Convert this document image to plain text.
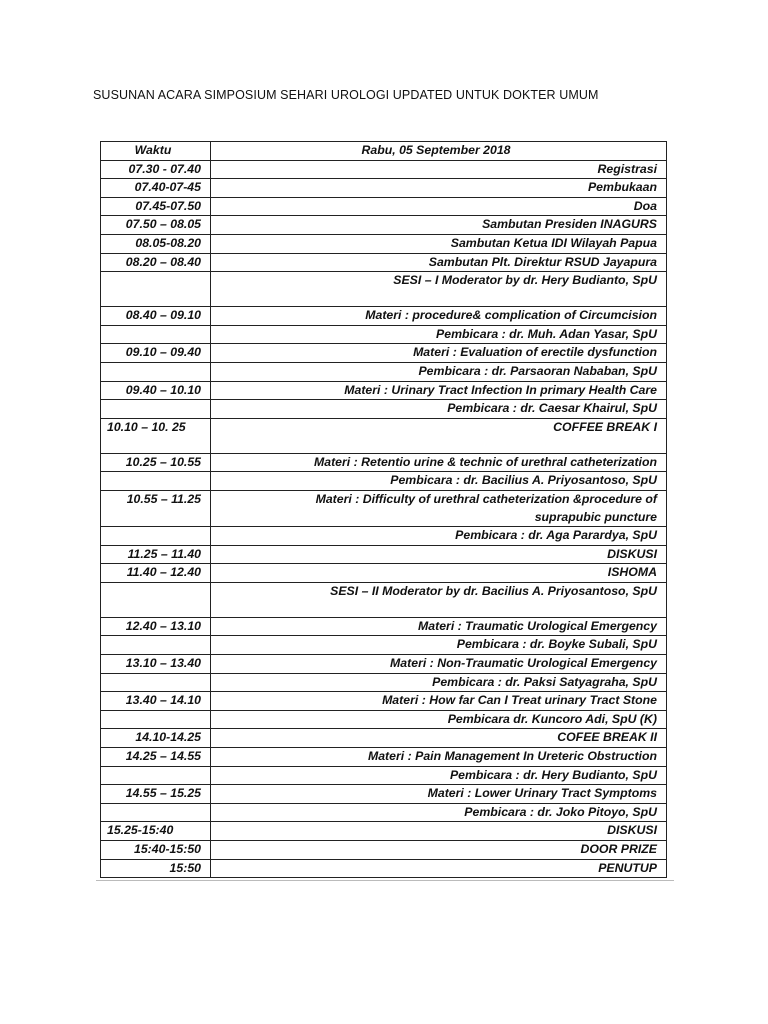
SUSUNAN ACARA SIMPOSIUM SEHARI UROLOGI UPDATED UNTUK DOKTER UMUM
Waktu	Rabu, 05 September 2018
07.30 - 07.40	Registrasi
07.40-07-45	Pembukaan
07.45-07.50	Doa
07.50 – 08.05	Sambutan Presiden INAGURS
08.05-08.20	Sambutan Ketua IDI Wilayah Papua
08.20 – 08.40	Sambutan Plt. Direktur RSUD Jayapura
	SESI – I Moderator by dr. Hery Budianto, SpU
08.40 – 09.10	Materi : procedure& complication of Circumcision
	Pembicara : dr. Muh. Adan Yasar, SpU
09.10 – 09.40	Materi : Evaluation of erectile dysfunction
	Pembicara : dr. Parsaoran Nababan, SpU
09.40 – 10.10	Materi : Urinary Tract Infection In primary Health Care
	Pembicara : dr. Caesar Khairul, SpU
10.10 – 10. 25	COFFEE BREAK I
10.25 – 10.55	Materi : Retentio urine & technic of urethral catheterization
	Pembicara : dr. Bacilius A. Priyosantoso, SpU
10.55 – 11.25	Materi : Difficulty of urethral catheterization &procedure of
suprapubic puncture

	Pembicara : dr. Aga Parardya, SpU
11.25 – 11.40	DISKUSI
11.40 – 12.40	ISHOMA
	SESI – II Moderator by dr. Bacilius A. Priyosantoso, SpU
12.40 – 13.10	Materi : Traumatic Urological Emergency
	Pembicara : dr. Boyke Subali, SpU
13.10 – 13.40	Materi : Non-Traumatic Urological Emergency
	Pembicara : dr. Paksi Satyagraha, SpU
13.40 – 14.10	Materi : How far Can I Treat urinary Tract Stone
	Pembicara dr. Kuncoro Adi, SpU (K)
14.10-14.25	COFEE BREAK II
14.25 – 14.55	Materi : Pain Management In Ureteric Obstruction
	Pembicara : dr. Hery Budianto, SpU
14.55 – 15.25	Materi : Lower Urinary Tract Symptoms
	Pembicara : dr. Joko Pitoyo, SpU
15.25-15:40	DISKUSI
15:40-15:50	DOOR PRIZE
15:50	PENUTUP
